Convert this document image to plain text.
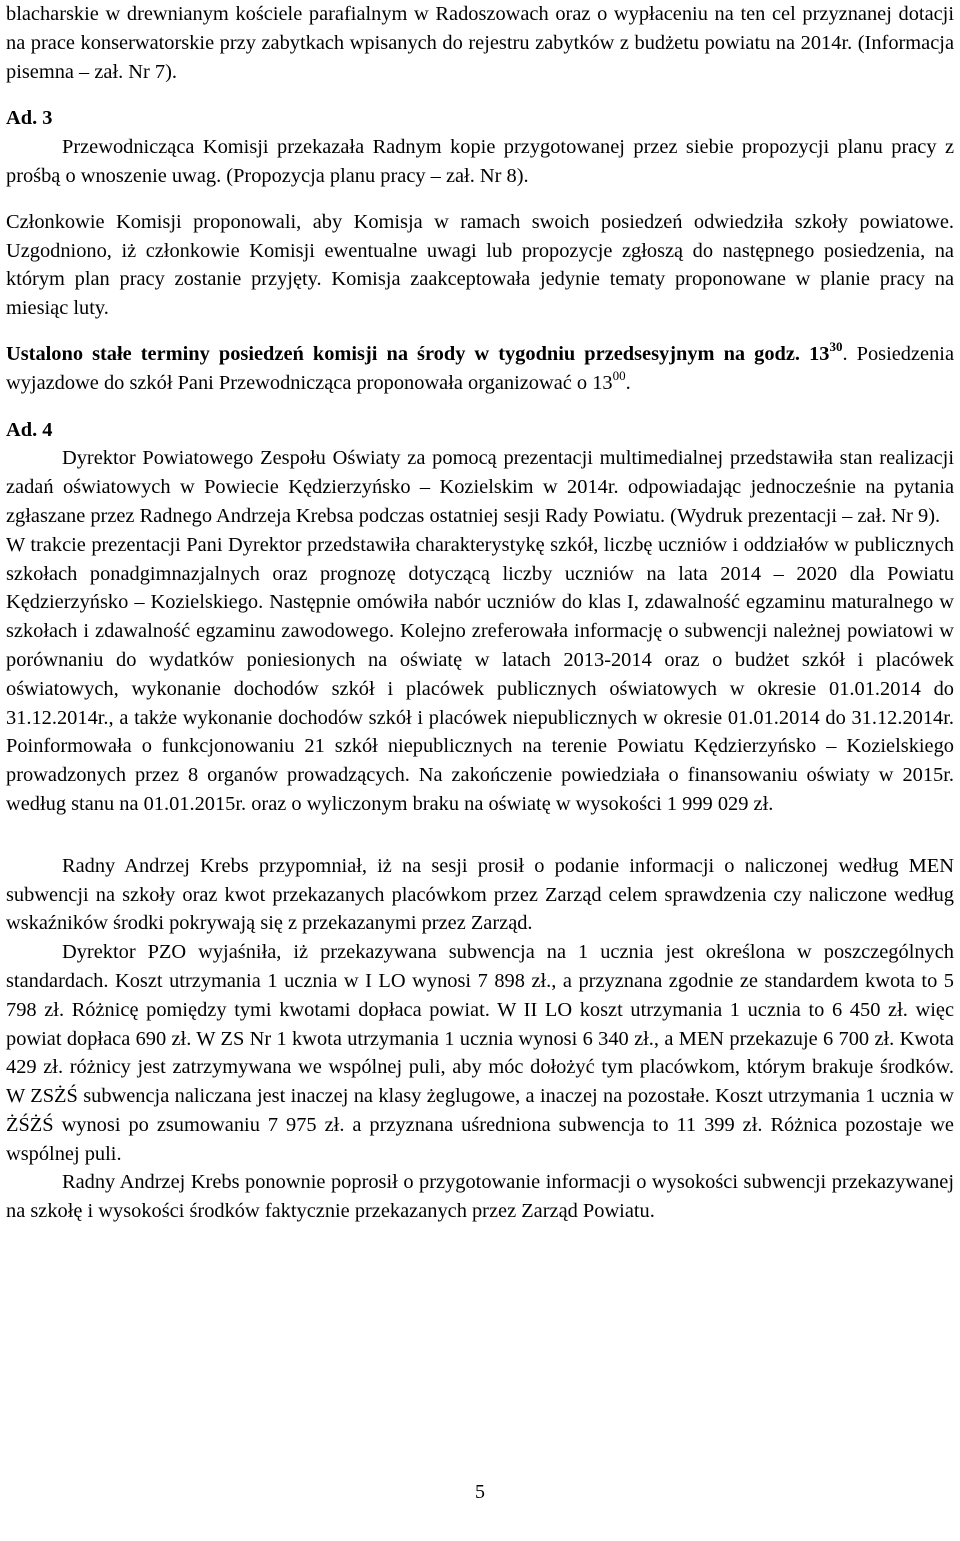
blacharskie w drewnianym kościele parafialnym w Radoszowach oraz o wypłaceniu na ten cel przyznanej dotacji na prace konserwatorskie przy zabytkach wpisanych do rejestru zabytków z budżetu powiatu na 2014r. (Informacja pisemna – zał. Nr 7).

Ad. 3

Przewodnicząca Komisji przekazała Radnym kopie przygotowanej przez siebie propozycji planu pracy z prośbą o wnoszenie uwag. (Propozycja planu pracy – zał. Nr 8).

Członkowie Komisji proponowali, aby Komisja w ramach swoich posiedzeń odwiedziła szkoły powiatowe. Uzgodniono, iż członkowie Komisji ewentualne uwagi lub propozycje zgłoszą do następnego posiedzenia, na którym plan pracy zostanie przyjęty. Komisja zaakceptowała jedynie tematy proponowane w planie pracy na miesiąc luty.

Ustalono stałe terminy posiedzeń komisji na środy w tygodniu przedsesyjnym na godz. $13^{30}$. Posiedzenia wyjazdowe do szkół Pani Przewodnicząca proponowała organizować o $13^{00}$.

Ad. 4

Dyrektor Powiatowego Zespołu Oświaty za pomocą prezentacji multimedialnej przedstawiła stan realizacji zadań oświatowych w Powiecie Kędzierzyńsko – Kozielskim w 2014r. odpowiadając jednocześnie na pytania zgłaszane przez Radnego Andrzeja Krebsa podczas ostatniej sesji Rady Powiatu. (Wydruk prezentacji – zał. Nr 9).

W trakcie prezentacji Pani Dyrektor przedstawiła charakterystykę szkół, liczbę uczniów i oddziałów w publicznych szkołach ponadgimnazjalnych oraz prognozę dotyczącą liczby uczniów na lata 2014 – 2020 dla Powiatu Kędzierzyńsko – Kozielskiego. Następnie omówiła nabór uczniów do klas I, zdawalność egzaminu maturalnego w szkołach i zdawalność egzaminu zawodowego. Kolejno zreferowała informację o subwencji należnej powiatowi w porównaniu do wydatków poniesionych na oświatę w latach 2013-2014 oraz o budżet szkół i placówek oświatowych, wykonanie dochodów szkół i placówek publicznych oświatowych w okresie 01.01.2014 do 31.12.2014r., a także wykonanie dochodów szkół i placówek niepublicznych w okresie 01.01.2014 do 31.12.2014r. Poinformowała o funkcjonowaniu 21 szkół niepublicznych na terenie Powiatu Kędzierzyńsko – Kozielskiego prowadzonych przez 8 organów prowadzących. Na zakończenie powiedziała o finansowaniu oświaty w 2015r. według stanu na 01.01.2015r. oraz o wyliczonym braku na oświatę w wysokości 1 999 029 zł.

Radny Andrzej Krebs przypomniał, iż na sesji prosił o podanie informacji o naliczonej według MEN subwencji na szkoły oraz kwot przekazanych placówkom przez Zarząd celem sprawdzenia czy naliczone według wskaźników środki pokrywają się z przekazanymi przez Zarząd.

Dyrektor PZO wyjaśniła, iż przekazywana subwencja na 1 ucznia jest określona w poszczególnych standardach. Koszt utrzymania 1 ucznia w I LO wynosi 7 898 zł., a przyznana zgodnie ze standardem kwota to 5 798 zł. Różnicę pomiędzy tymi kwotami dopłaca powiat. W II LO koszt utrzymania 1 ucznia to 6 450 zł. więc powiat dopłaca 690 zł. W ZS Nr 1 kwota utrzymania 1 ucznia wynosi 6 340 zł., a MEN przekazuje 6 700 zł. Kwota 429 zł. różnicy jest zatrzymywana we wspólnej puli, aby móc dołożyć tym placówkom, którym brakuje środków. W ZSŻŚ subwencja naliczana jest inaczej na klasy żeglugowe, a inaczej na pozostałe. Koszt utrzymania 1 ucznia w ŻŚŻŚ wynosi po zsumowaniu 7 975 zł. a przyznana uśredniona subwencja to 11 399 zł. Różnica pozostaje we wspólnej puli.

Radny Andrzej Krebs ponownie poprosił o przygotowanie informacji o wysokości subwencji przekazywanej na szkołę i wysokości środków faktycznie przekazanych przez Zarząd Powiatu.

5
